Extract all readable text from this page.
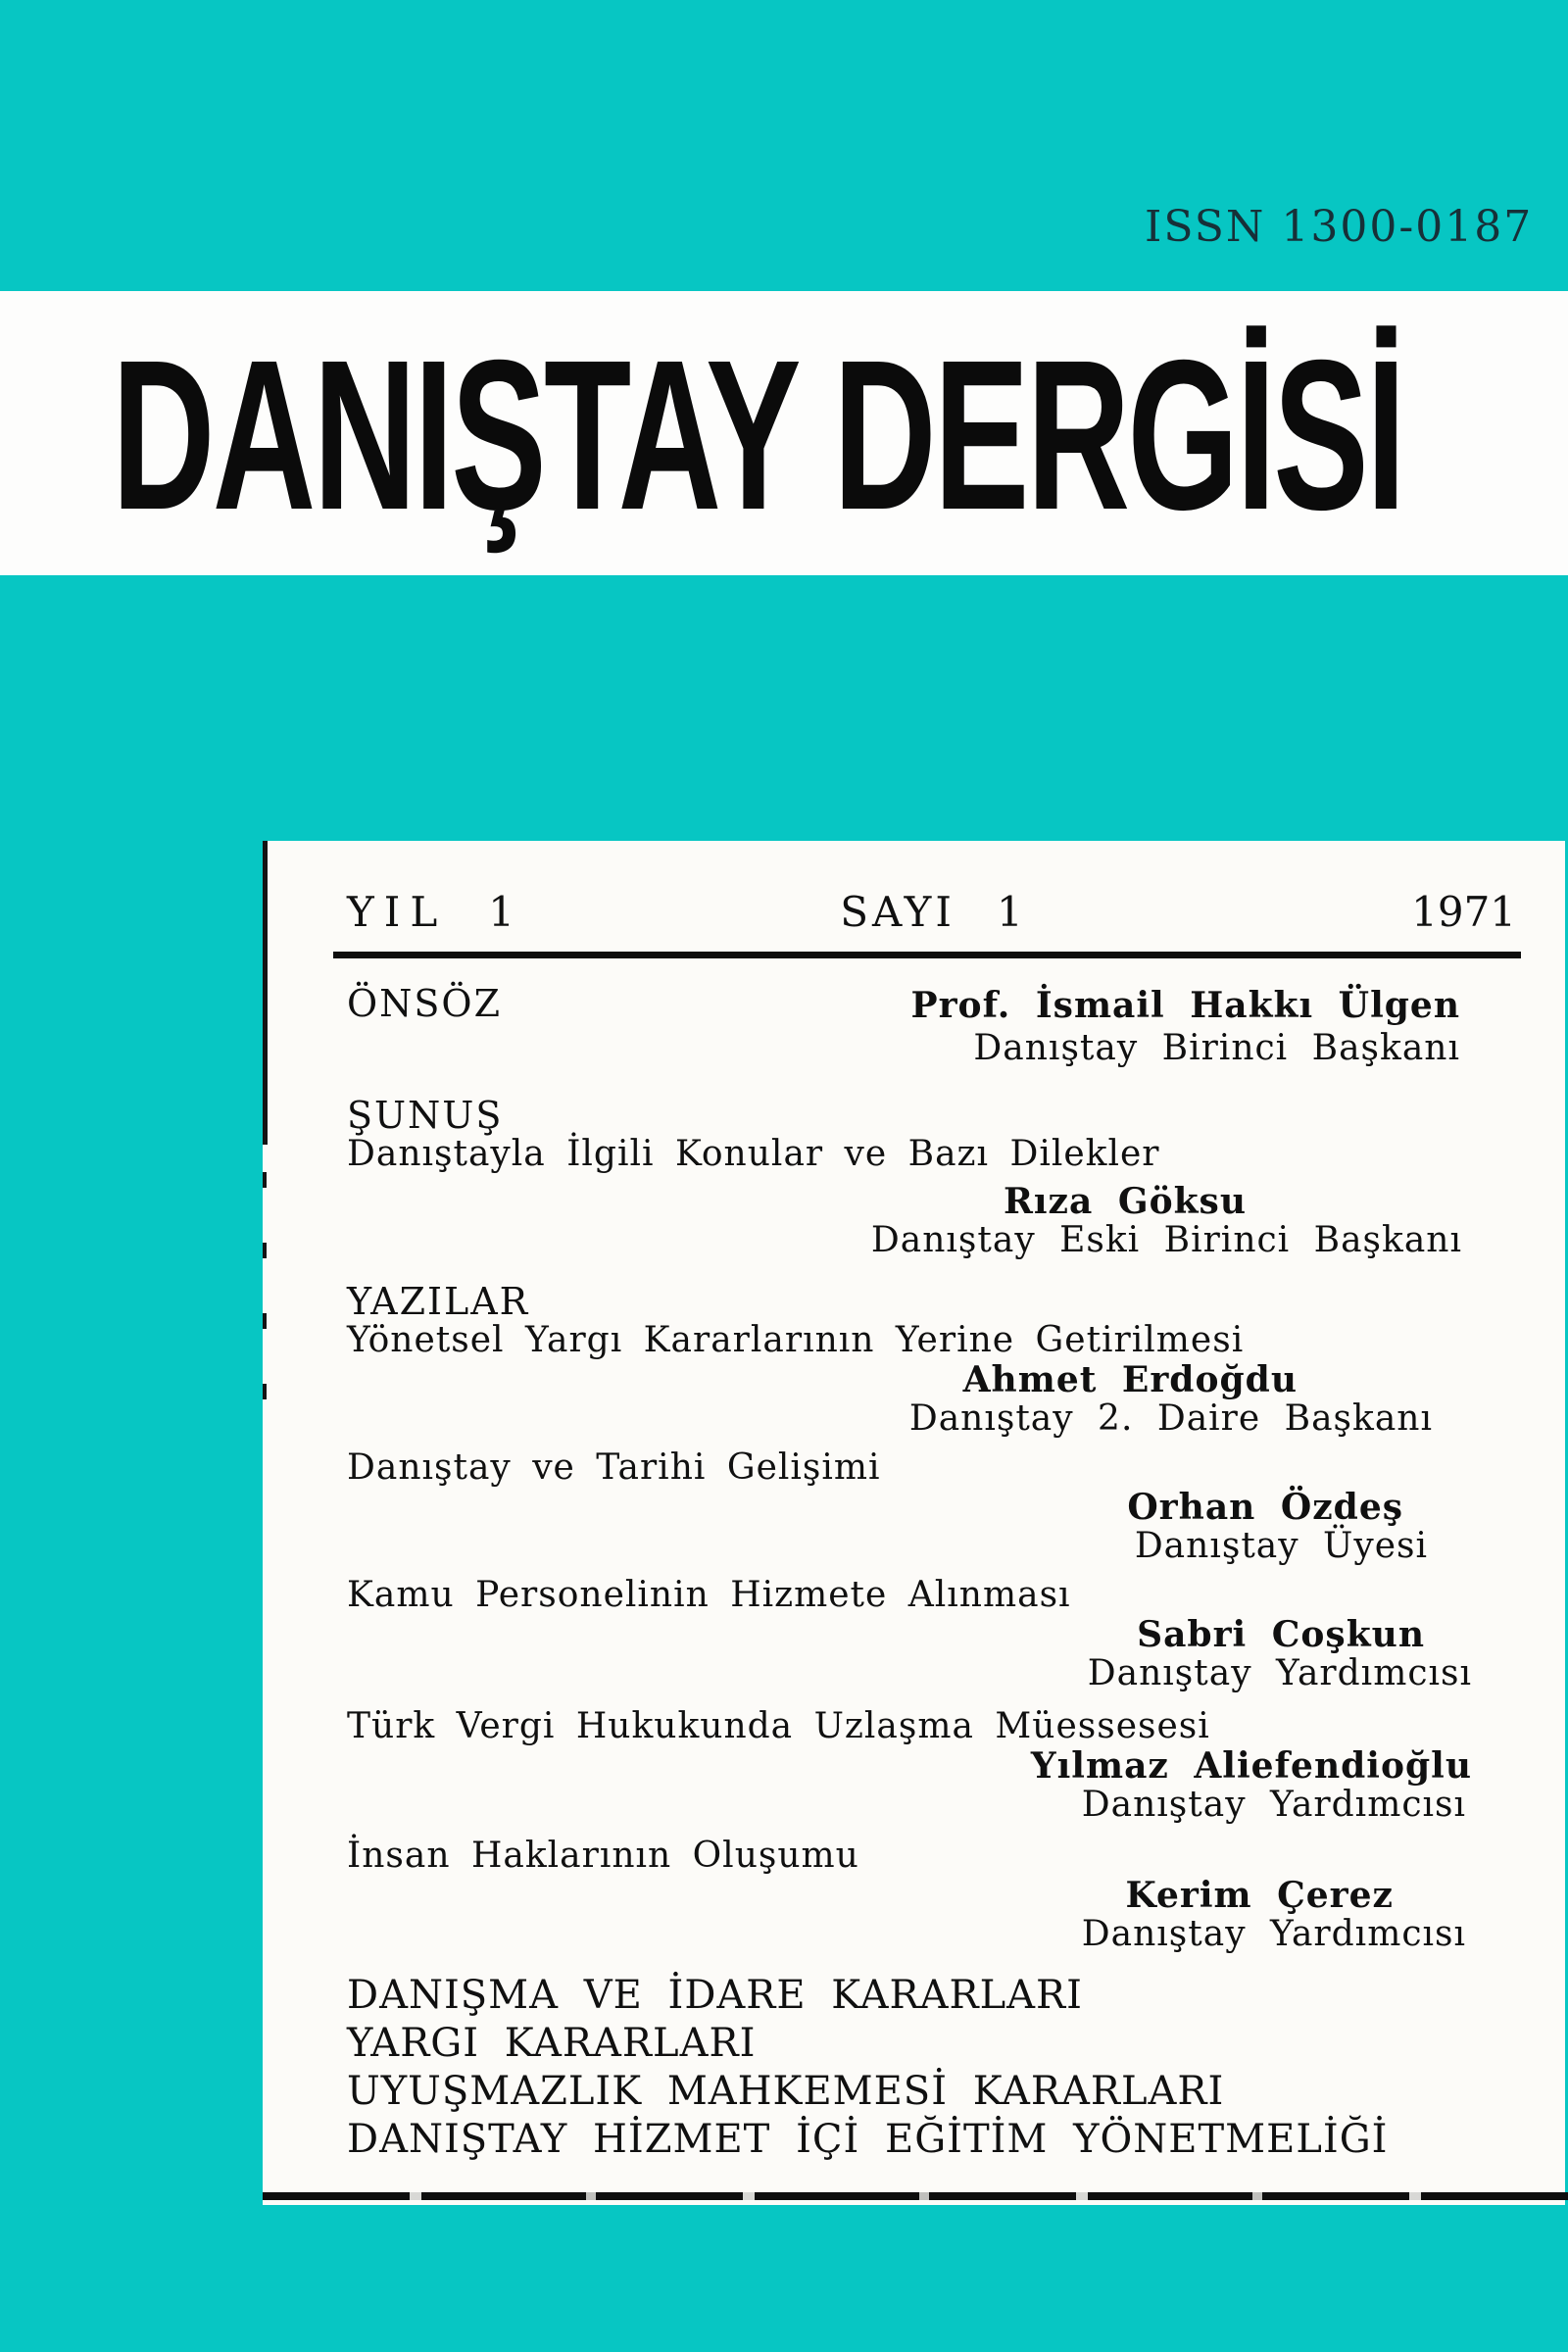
ISSN 1300-0187
DANIŞTAY DERGİSİ
YIL 1	SAYI 1	1971
ÖNSÖZ	Prof. İsmail Hakkı Ülgen
Danıştay Birinci Başkanı
ŞUNUŞ
Danıştayla İlgili Konular ve Bazı Dilekler
Rıza Göksu
Danıştay Eski Birinci Başkanı
YAZILAR
Yönetsel Yargı Kararlarının Yerine Getirilmesi
Ahmet Erdoğdu
Danıştay 2. Daire Başkanı
Danıştay ve Tarihi Gelişimi
Orhan Özdeş
Danıştay Üyesi
Kamu Personelinin Hizmete Alınması
Sabri Coşkun
Danıştay Yardımcısı
Türk Vergi Hukukunda Uzlaşma Müessesesi
Yılmaz Aliefendioğlu
Danıştay Yardımcısı
İnsan Haklarının Oluşumu
Kerim Çerez
Danıştay Yardımcısı
DANIŞMA VE İDARE KARARLARI
YARGI KARARLARI
UYUŞMAZLIK MAHKEMESİ KARARLARI
DANIŞTAY HİZMET İÇİ EĞİTİM YÖNETMELİĞİ
